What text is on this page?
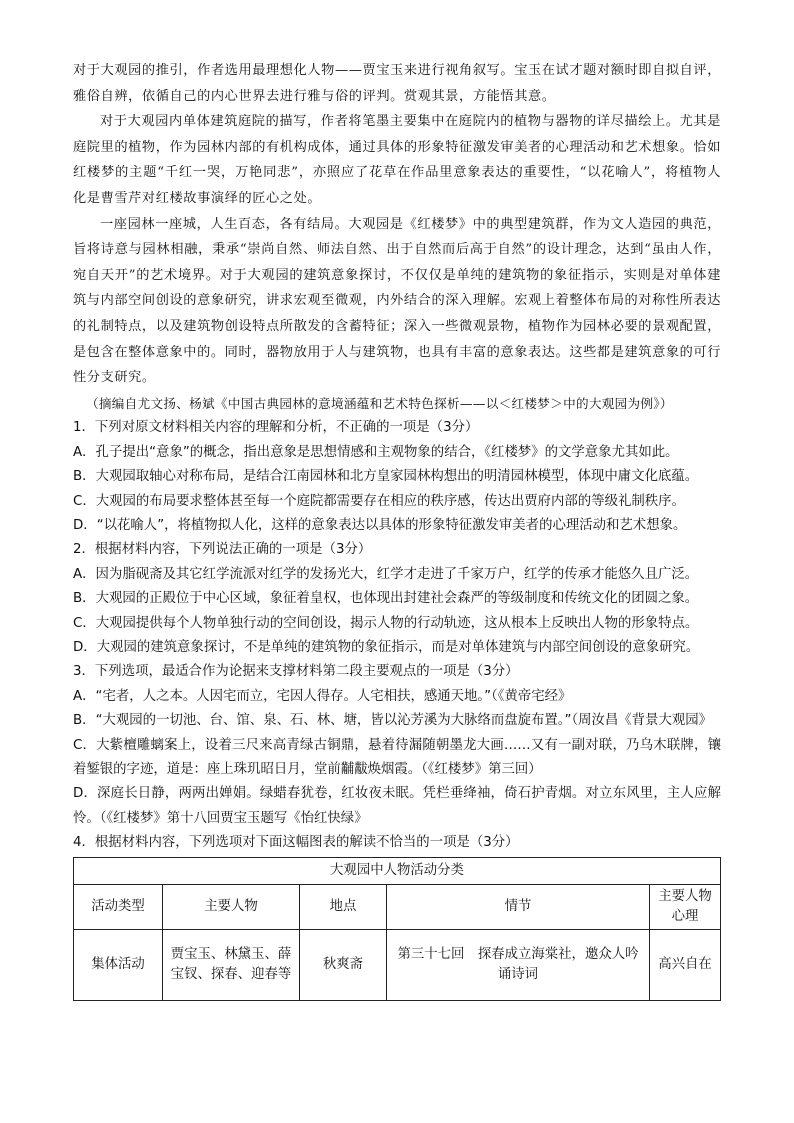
对于大观园的推引，作者选用最理想化人物——贾宝玉来进行视角叙写。宝玉在试才题对额时即自拟自评，雅俗自辨，依循自己的内心世界去进行雅与俗的评判。赏观其景，方能悟其意。

对于大观园内单体建筑庭院的描写，作者将笔墨主要集中在庭院内的植物与器物的详尽描绘上。尤其是庭院里的植物，作为园林内部的有机构成体，通过具体的形象特征激发审美者的心理活动和艺术想象。恰如红楼梦的主题“千红一哭，万艳同悲”，亦照应了花草在作品里意象表达的重要性，“以花喻人”，将植物人化是曹雪芹对红楼故事演绎的匠心之处。

一座园林一座城，人生百态，各有结局。大观园是《红楼梦》中的典型建筑群，作为文人造园的典范，旨将诗意与园林相融，秉承“崇尚自然、师法自然、出于自然而后高于自然”的设计理念，达到“虽由人作，宛自天开”的艺术境界。对于大观园的建筑意象探讨，不仅仅是单纯的建筑物的象征指示，实则是对单体建筑与内部空间创设的意象研究，讲求宏观至微观，内外结合的深入理解。宏观上着整体布局的对称性所表达的礼制特点，以及建筑物创设特点所散发的含蓄特征；深入一些微观景物，植物作为园林必要的景观配置，是包含在整体意象中的。同时，器物放用于人与建筑物，也具有丰富的意象表达。这些都是建筑意象的可行性分支研究。

（摘编自尤文扬、杨斌《中国古典园林的意境涵蕴和艺术特色探析——以＜红楼梦＞中的大观园为例》）

1．下列对原文材料相关内容的理解和分析，不正确的一项是（3分）

A．孔子提出“意象”的概念，指出意象是思想情感和主观物象的结合，《红楼梦》的文学意象尤其如此。

B．大观园取轴心对称布局，是结合江南园林和北方皇家园林构想出的明清园林模型，体现中庸文化底蕴。

C．大观园的布局要求整体甚至每一个庭院都需要存在相应的秩序感，传达出贾府内部的等级礼制秩序。

D．“以花喻人”，将植物拟人化，这样的意象表达以具体的形象特征激发审美者的心理活动和艺术想象。

2．根据材料内容，下列说法正确的一项是（3分）

A．因为脂砚斋及其它红学流派对红学的发扬光大，红学才走进了千家万户，红学的传承才能悠久且广泛。

B．大观园的正殿位于中心区域，象征着皇权，也体现出封建社会森严的等级制度和传统文化的团圆之象。

C．大观园提供每个人物单独行动的空间创设，揭示人物的行动轨迹，这从根本上反映出人物的形象特点。

D．大观园的建筑意象探讨，不是单纯的建筑物的象征指示，而是对单体建筑与内部空间创设的意象研究。

3．下列选项，最适合作为论据来支撑材料第二段主要观点的一项是（3分）

A．“宅者，人之本。人因宅而立，宅因人得存。人宅相扶，感通天地。”（《黄帝宅经》

B．“大观园的一切池、台、馆、泉、石、林、塘，皆以沁芳溪为大脉络而盘旋布置。”（周汝昌《背景大观园》

C．大紫檀雕螭案上，设着三尺来高青绿古铜鼎，悬着待漏随朝墨龙大画……又有一副对联，乃乌木联牌，镶着錾银的字迹，道是：座上珠玑昭日月，堂前黼黻焕烟霞。（《红楼梦》第三回）

D．深庭长日静，两两出婵娟。绿蜡春犹卷，红妆夜未眠。凭栏垂绛袖，倚石护青烟。对立东风里，主人应解怜。（《红楼梦》第十八回贾宝玉题写《怡红快绿》

4．根据材料内容，下列选项对下面这幅图表的解读不恰当的一项是（3分）

大观园中人物活动分类				
活动类型	主要人物	地点	情节	主要人物心理
集体活动	贾宝玉、林黛玉、薛宝钗、探春、迎春等	秋爽斋	第三十七回　探春成立海棠社，邀众人吟诵诗词	高兴自在
